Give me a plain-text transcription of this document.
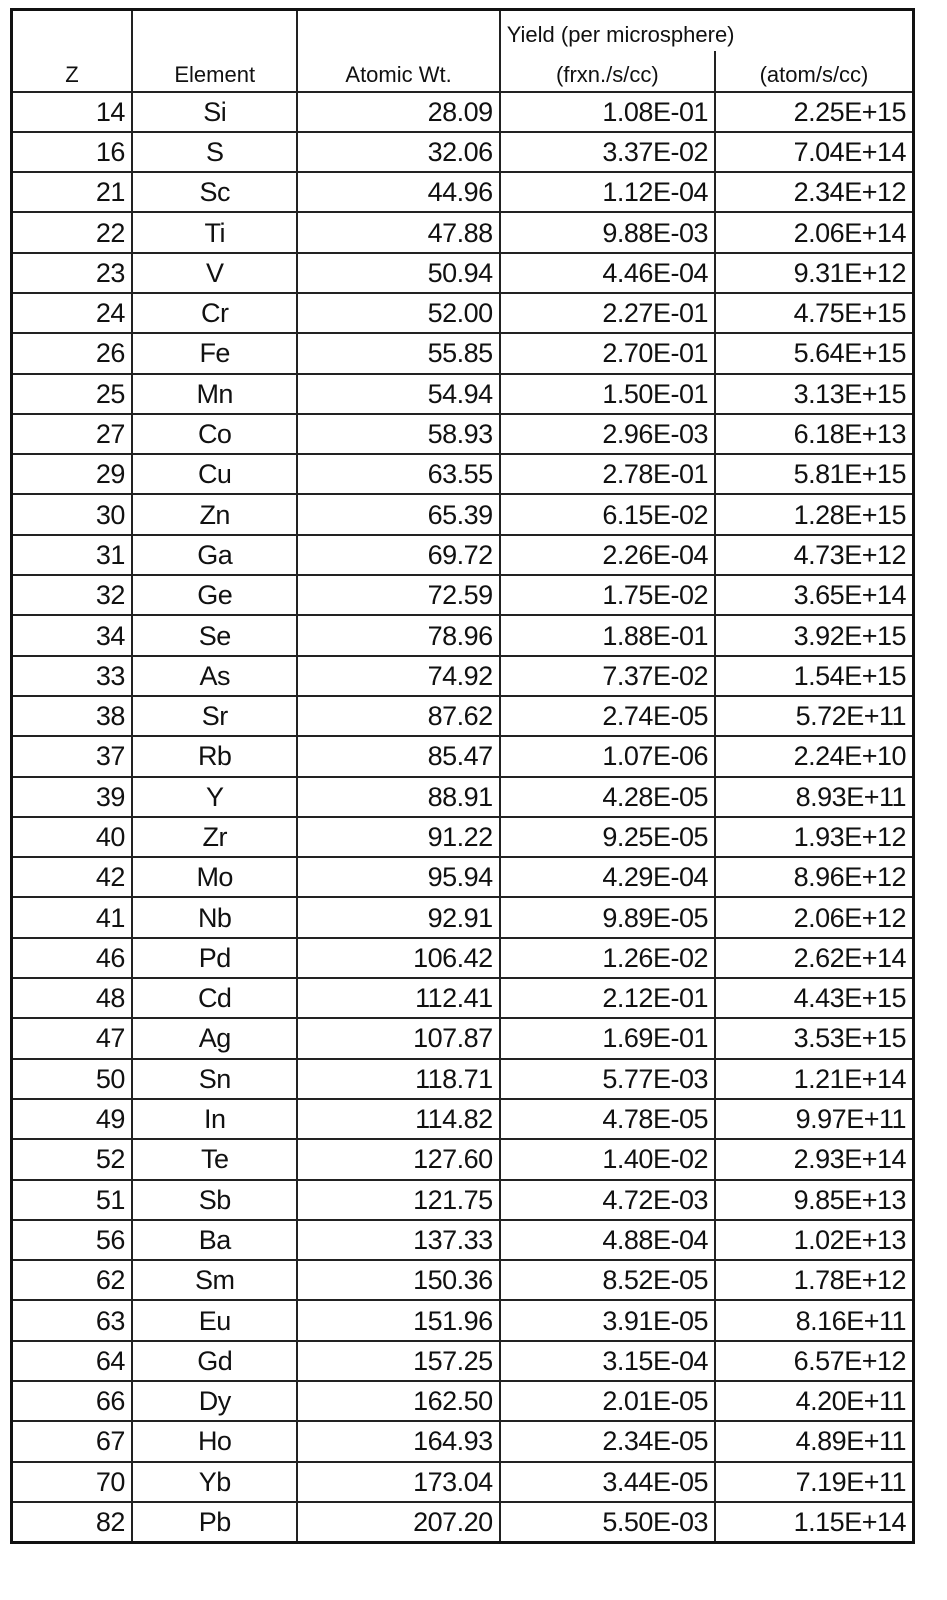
			Yield (per microsphere)	
Z	Element	Atomic Wt.	(frxn./s/cc)	(atom/s/cc)
14	Si	28.09	1.08E-01	2.25E+15
16	S	32.06	3.37E-02	7.04E+14
21	Sc	44.96	1.12E-04	2.34E+12
22	Ti	47.88	9.88E-03	2.06E+14
23	V	50.94	4.46E-04	9.31E+12
24	Cr	52.00	2.27E-01	4.75E+15
26	Fe	55.85	2.70E-01	5.64E+15
25	Mn	54.94	1.50E-01	3.13E+15
27	Co	58.93	2.96E-03	6.18E+13
29	Cu	63.55	2.78E-01	5.81E+15
30	Zn	65.39	6.15E-02	1.28E+15
31	Ga	69.72	2.26E-04	4.73E+12
32	Ge	72.59	1.75E-02	3.65E+14
34	Se	78.96	1.88E-01	3.92E+15
33	As	74.92	7.37E-02	1.54E+15
38	Sr	87.62	2.74E-05	5.72E+11
37	Rb	85.47	1.07E-06	2.24E+10
39	Y	88.91	4.28E-05	8.93E+11
40	Zr	91.22	9.25E-05	1.93E+12
42	Mo	95.94	4.29E-04	8.96E+12
41	Nb	92.91	9.89E-05	2.06E+12
46	Pd	106.42	1.26E-02	2.62E+14
48	Cd	112.41	2.12E-01	4.43E+15
47	Ag	107.87	1.69E-01	3.53E+15
50	Sn	118.71	5.77E-03	1.21E+14
49	In	114.82	4.78E-05	9.97E+11
52	Te	127.60	1.40E-02	2.93E+14
51	Sb	121.75	4.72E-03	9.85E+13
56	Ba	137.33	4.88E-04	1.02E+13
62	Sm	150.36	8.52E-05	1.78E+12
63	Eu	151.96	3.91E-05	8.16E+11
64	Gd	157.25	3.15E-04	6.57E+12
66	Dy	162.50	2.01E-05	4.20E+11
67	Ho	164.93	2.34E-05	4.89E+11
70	Yb	173.04	3.44E-05	7.19E+11
82	Pb	207.20	5.50E-03	1.15E+14
